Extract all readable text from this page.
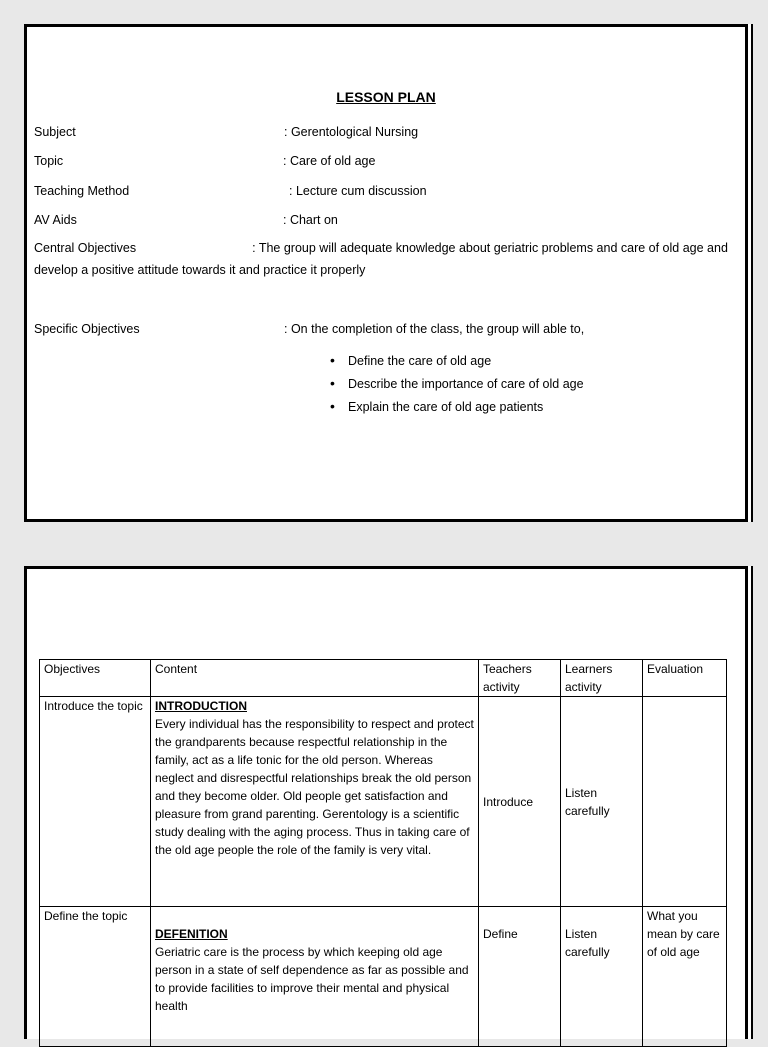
LESSON PLAN
Subject	: Gerentological Nursing
Topic	: Care of old age
Teaching Method	: Lecture cum discussion
AV Aids	: Chart on
Central Objectives	: The group will adequate knowledge about geriatric problems and care of old age and develop a positive attitude towards it and practice it properly
Specific Objectives	: On the completion of the class, the group will able to,
• Define the care of old age
• Describe the importance of care of old age
• Explain the care of old age patients
Objectives	Content	Teachers activity	Learners activity	Evaluation
Introduce the topic	INTRODUCTION
Every individual has the responsibility to respect and protect the grandparents because respectful relationship in the family, act as a life tonic for the old person. Whereas neglect and disrespectful relationships break the old person and they become older. Old people get satisfaction and pleasure from grand parenting. Gerentology is a scientific study dealing with the aging process. Thus in taking care of the old age people the role of the family is very vital.	Introduce	Listen carefully	
Define the topic	DEFENITION
Geriatric care is the process by which keeping old age person in a state of self dependence as far as possible and to provide facilities to improve their mental and physical health	Define	Listen carefully	What you mean by care of old age
